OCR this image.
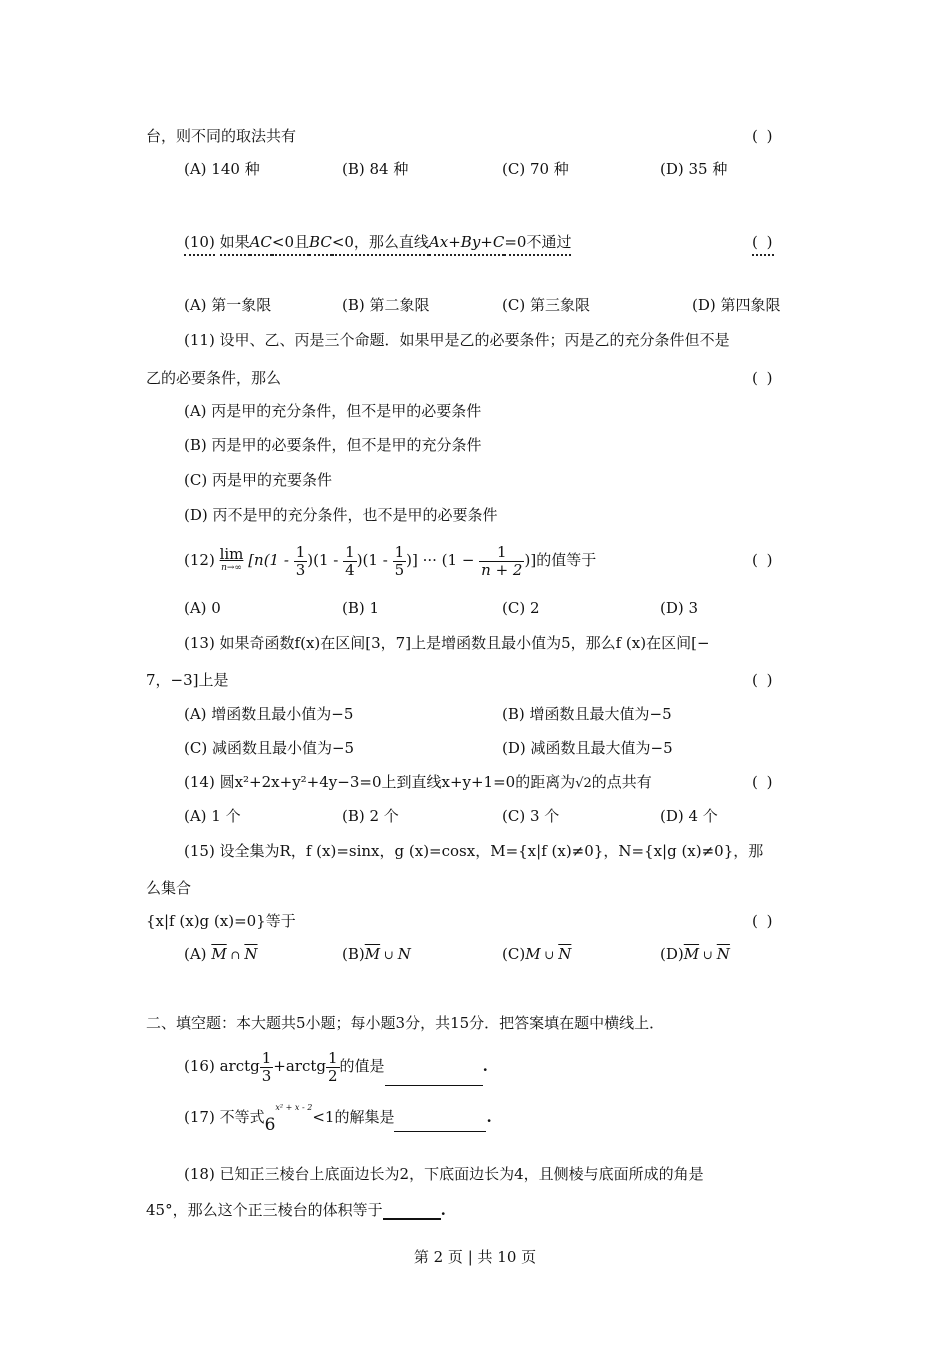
台，则不同的取法共有	( )
(A) 140 种	(B) 84 种	(C) 70 种	(D) 35 种
(10) 如果AC<0且BC<0，那么直线Ax+By+C=0不通过	( )
(A) 第一象限	(B) 第二象限	(C) 第三象限	(D) 第四象限
(11) 设甲、乙、丙是三个命题．如果甲是乙的必要条件；丙是乙的充分条件但不是
乙的必要条件，那么	( )
(A) 丙是甲的充分条件，但不是甲的必要条件
(B) 丙是甲的必要条件，但不是甲的充分条件
(C) 丙是甲的充要条件
(D) 丙不是甲的充分条件，也不是甲的必要条件
(12) lim
n→∞ [$n(1 - \frac{1}{3} )(1 - \frac{1}{4} )(1 - \frac{1}{5}$ )] ··· ($1 - \frac{1}{n + 2}$ )]的值等于	( )
(A) 0	(B) 1	(C) 2	(D) 3
(13) 如果奇函数f(x)在区间[3，7]上是增函数且最小值为5，那么f (x)在区间[−
7，−3]上是	( )
(A) 增函数且最小值为−5	(B) 增函数且最大值为−5
(C) 减函数且最小值为−5	(D) 减函数且最大值为−5
(14) 圆x²+2x+y²+4y−3=0上到直线x+y+1=0的距离为√2的点共有	( )
(A) 1 个	(B) 2 个	(C) 3 个	(D) 4 个
(15) 设全集为R，f (x)=sinx，g (x)=cosx，M={x|f (x)≠0}，N={x|g (x)≠0}，那
么集合
{x|f (x)g (x)=0}等于	( )
(A) $\overline{M}$ ∩ $\overline{N}$	$(B)\overline{M}$ ∪ N	(C)M ∪ $\overline{N}$	$(D)\overline{M}$ ∪ $\overline{N}$
二、填空题：本大题共5小题；每小题3分，共15分．把答案填在题中横线上．
(16) arctg $\frac{1}{3}$ +arctg $\frac{1}{2}$ 的值是	.
(17) 不等式$6^{x^2 + x - 2}<1$的解集是	.
(18) 已知正三棱台上底面边长为2，下底面边长为4，且侧棱与底面所成的角是
45°，那么这个正三棱台的体积等于	.
第 2 页 | 共 10 页
